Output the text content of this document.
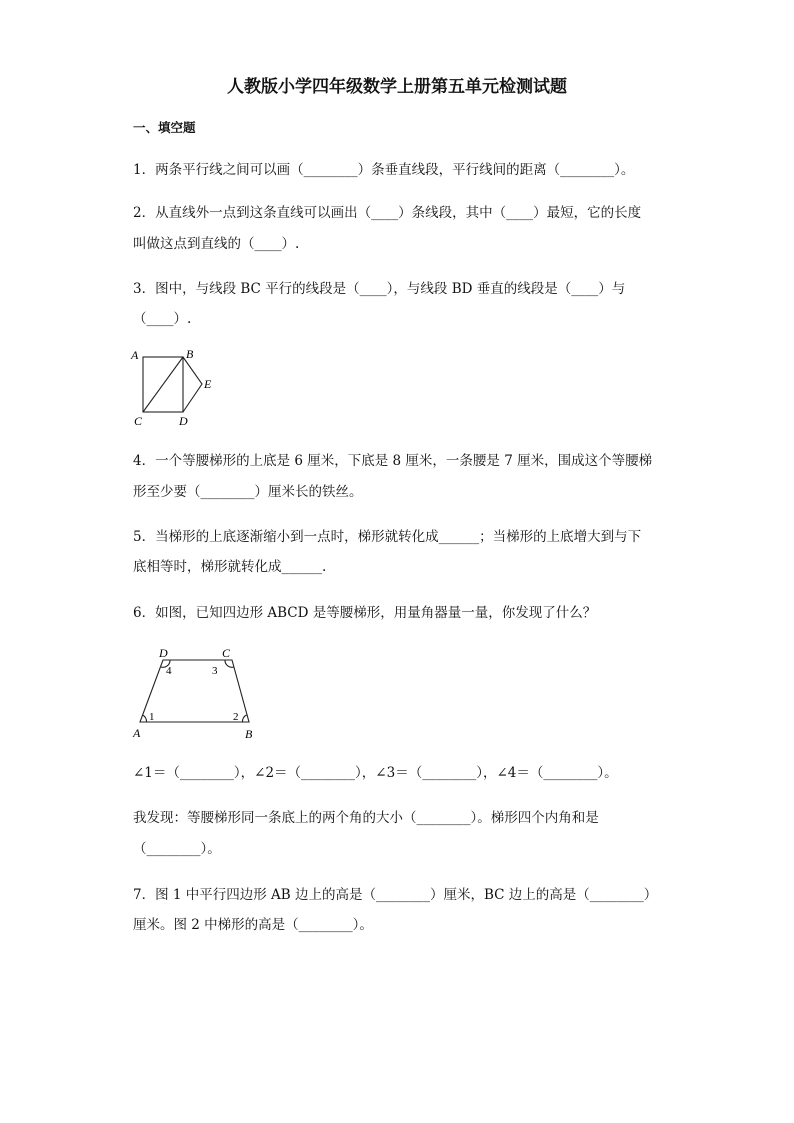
人教版小学四年级数学上册第五单元检测试题
一、填空题
1．两条平行线之间可以画（________）条垂直线段，平行线间的距离（________）。
2．从直线外一点到这条直线可以画出（____）条线段，其中（____）最短，它的长度
叫做这点到直线的（____）.
3．图中，与线段 BC 平行的线段是（____），与线段 BD 垂直的线段是（____）与
（____）.
A	B
E
C	D
4．一个等腰梯形的上底是 6 厘米，下底是 8 厘米，一条腰是 7 厘米，围成这个等腰梯
形至少要（________）厘米长的铁丝。
5．当梯形的上底逐渐缩小到一点时，梯形就转化成______；当梯形的上底增大到与下
底相等时，梯形就转化成______.
6．如图，已知四边形 ABCD 是等腰梯形，用量角器量一量，你发现了什么？
D	C
A	B
4	3
1	2
∠1＝（________），∠2＝（________），∠3＝（________），∠4＝（________）。
我发现：等腰梯形同一条底上的两个角的大小（________）。梯形四个内角和是
（________）。
7．图 1 中平行四边形 AB 边上的高是（________）厘米，BC 边上的高是（________）
厘米。图 2 中梯形的高是（________）。
